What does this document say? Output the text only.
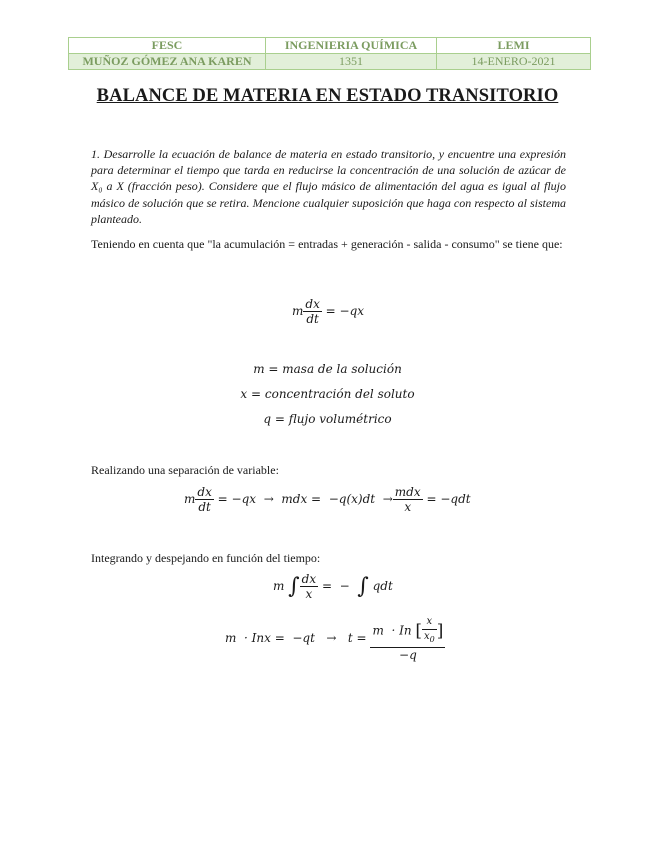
FESC	INGENIERIA QUÍMICA	LEMI
MUÑOZ GÓMEZ ANA KAREN	1351	14-ENERO-2021
BALANCE DE MATERIA EN ESTADO TRANSITORIO
1. Desarrolle la ecuación de balance de materia en estado transitorio, y encuentre una expresión para determinar el tiempo que tarda en reducirse la concentración de una solución de azúcar de X₀ a X (fracción peso). Considere que el flujo másico de alimentación del agua es igual al flujo másico de solución que se retira. Mencione cualquier suposición que haga con respecto al sistema planteado.
Teniendo en cuenta que "la acumulación = entradas + generación - salida - consumo" se tiene que:
m $\frac{dx}{dt} = -qx$
m = masa de la solución
x = concentración del soluto
q = flujo volumétrico
Realizando una separación de variable:
m $\frac{dx}{dt} = -qx$  →  mdx =  $-q(x)dt \to \frac{\text{mdx}}{x} = -qdt$
Integrando y despejando en función del tiempo:
m ∫ $\frac{dx}{x}$ =  −  ∫ qdt
m  · Inx =  $-qt \to t = \frac{m \cdot In [ \frac{x}{x_0} ]}{-q}$
